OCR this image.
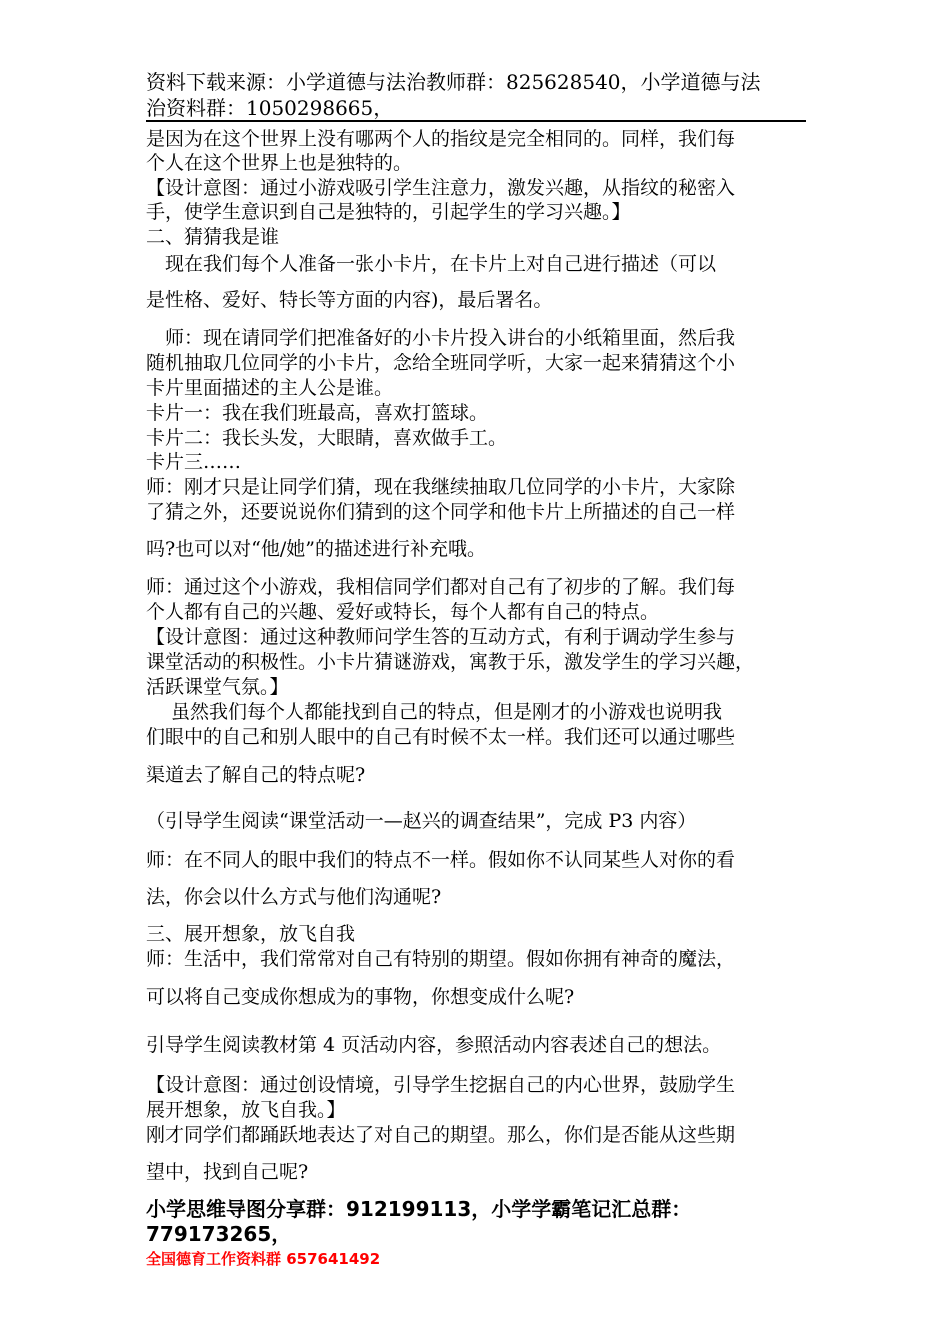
资料下载来源：小学道德与法治教师群：825628540，小学道德与法
治资料群：1050298665，
是因为在这个世界上没有哪两个人的指纹是完全相同的。同样，我们每
个人在这个世界上也是独特的。
【设计意图：通过小游戏吸引学生注意力，激发兴趣，从指纹的秘密入
手，使学生意识到自己是独特的，引起学生的学习兴趣。】
二、猜猜我是谁
　现在我们每个人准备一张小卡片，在卡片上对自己进行描述（可以
是性格、爱好、特长等方面的内容)，最后署名。
　师：现在请同学们把准备好的小卡片投入讲台的小纸箱里面，然后我
随机抽取几位同学的小卡片，念给全班同学听，大家一起来猜猜这个小
卡片里面描述的主人公是谁。
卡片一：我在我们班最高，喜欢打篮球。
卡片二：我长头发，大眼睛，喜欢做手工。
卡片三……
师：刚才只是让同学们猜，现在我继续抽取几位同学的小卡片，大家除
了猜之外，还要说说你们猜到的这个同学和他卡片上所描述的自己一样
吗?也可以对“他/她”的描述进行补充哦。
师：通过这个小游戏，我相信同学们都对自己有了初步的了解。我们每
个人都有自己的兴趣、爱好或特长，每个人都有自己的特点。
【设计意图：通过这种教师问学生答的互动方式，有利于调动学生参与
课堂活动的积极性。小卡片猜谜游戏，寓教于乐，激发学生的学习兴趣，
活跃课堂气氛。】
　 虽然我们每个人都能找到自己的特点，但是刚才的小游戏也说明我
们眼中的自己和别人眼中的自己有时候不太一样。我们还可以通过哪些
渠道去了解自己的特点呢?
（引导学生阅读“课堂活动一—赵兴的调查结果”，完成 P3 内容）
师：在不同人的眼中我们的特点不一样。假如你不认同某些人对你的看
法，你会以什么方式与他们沟通呢?
三、展开想象，放飞自我
师：生活中，我们常常对自己有特别的期望。假如你拥有神奇的魔法，
可以将自己变成你想成为的事物，你想变成什么呢?
引导学生阅读教材第 4 页活动内容，参照活动内容表述自己的想法。
【设计意图：通过创设情境，引导学生挖据自己的内心世界，鼓励学生
展开想象，放飞自我。】
刚才同学们都踊跃地表达了对自己的期望。那么，你们是否能从这些期
望中，找到自己呢?
小学思维导图分享群：912199113，小学学霸笔记汇总群：
779173265，
全国德育工作资料群 657641492
